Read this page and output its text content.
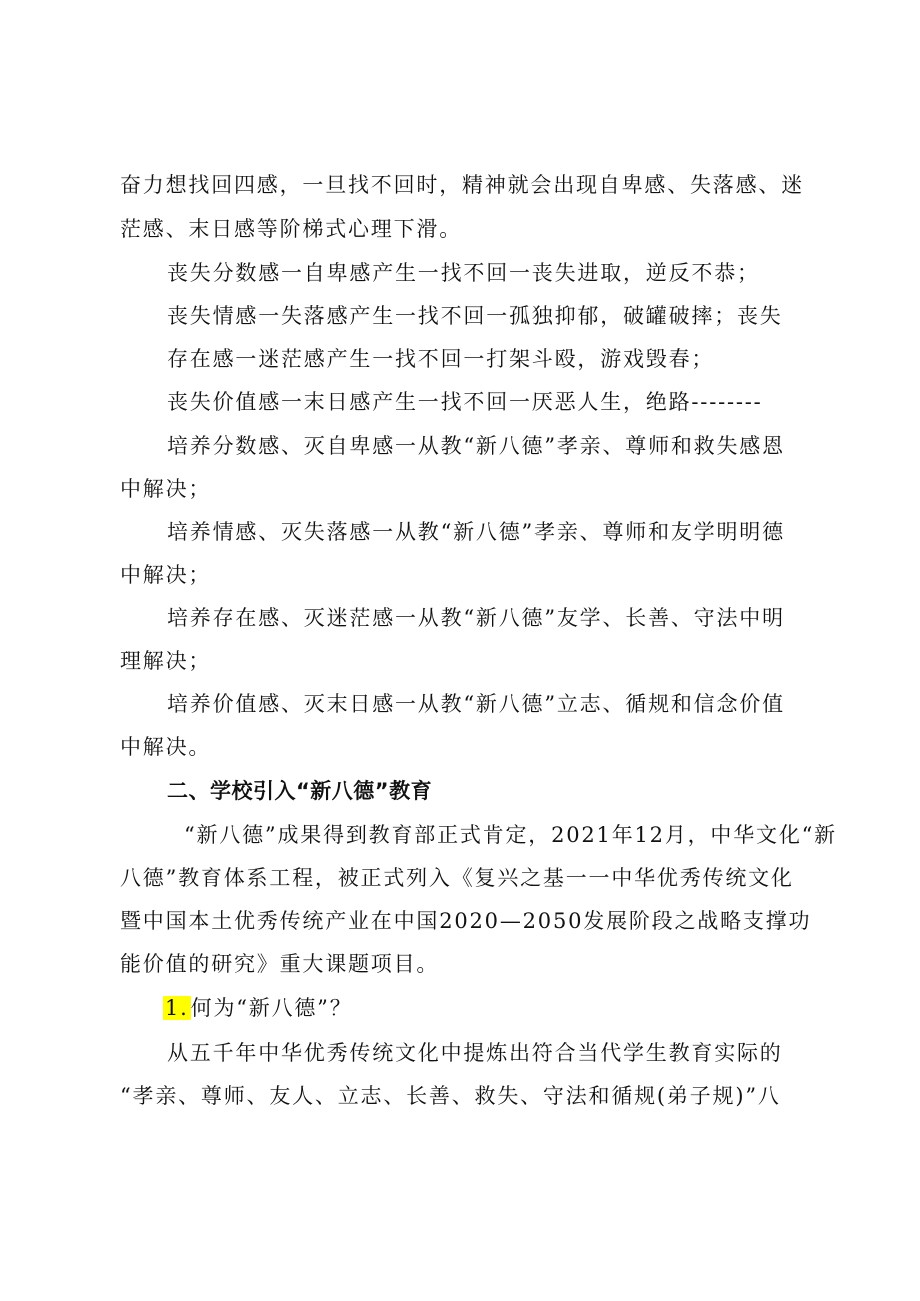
奋力想找回四感，一旦找不回时，精神就会出现自卑感、失落感、迷
茫感、末日感等阶梯式心理下滑。
丧失分数感一自卑感产生一找不回一丧失进取，逆反不恭；
丧失情感一失落感产生一找不回一孤独抑郁，破罐破摔；丧失
存在感一迷茫感产生一找不回一打架斗殴，游戏毁春；
丧失价值感一末日感产生一找不回一厌恶人生，绝路--------
培养分数感、灭自卑感一从教“新八德”孝亲、尊师和救失感恩
中解决；
培养情感、灭失落感一从教“新八德”孝亲、尊师和友学明明德
中解决；
培养存在感、灭迷茫感一从教“新八德”友学、长善、守法中明
理解决；
培养价值感、灭末日感一从教“新八德”立志、循规和信念价值
中解决。
二、学校引入“新八德”教育
“新八德”成果得到教育部正式肯定，2021年12月，中华文化“新
八德”教育体系工程，被正式列入《复兴之基一一中华优秀传统文化
暨中国本土优秀传统产业在中国2020—2050发展阶段之战略支撑功
能价值的研究》重大课题项目。
1.何为“新八德”？
从五千年中华优秀传统文化中提炼出符合当代学生教育实际的
“孝亲、尊师、友人、立志、长善、救失、守法和循规(弟子规)”八
